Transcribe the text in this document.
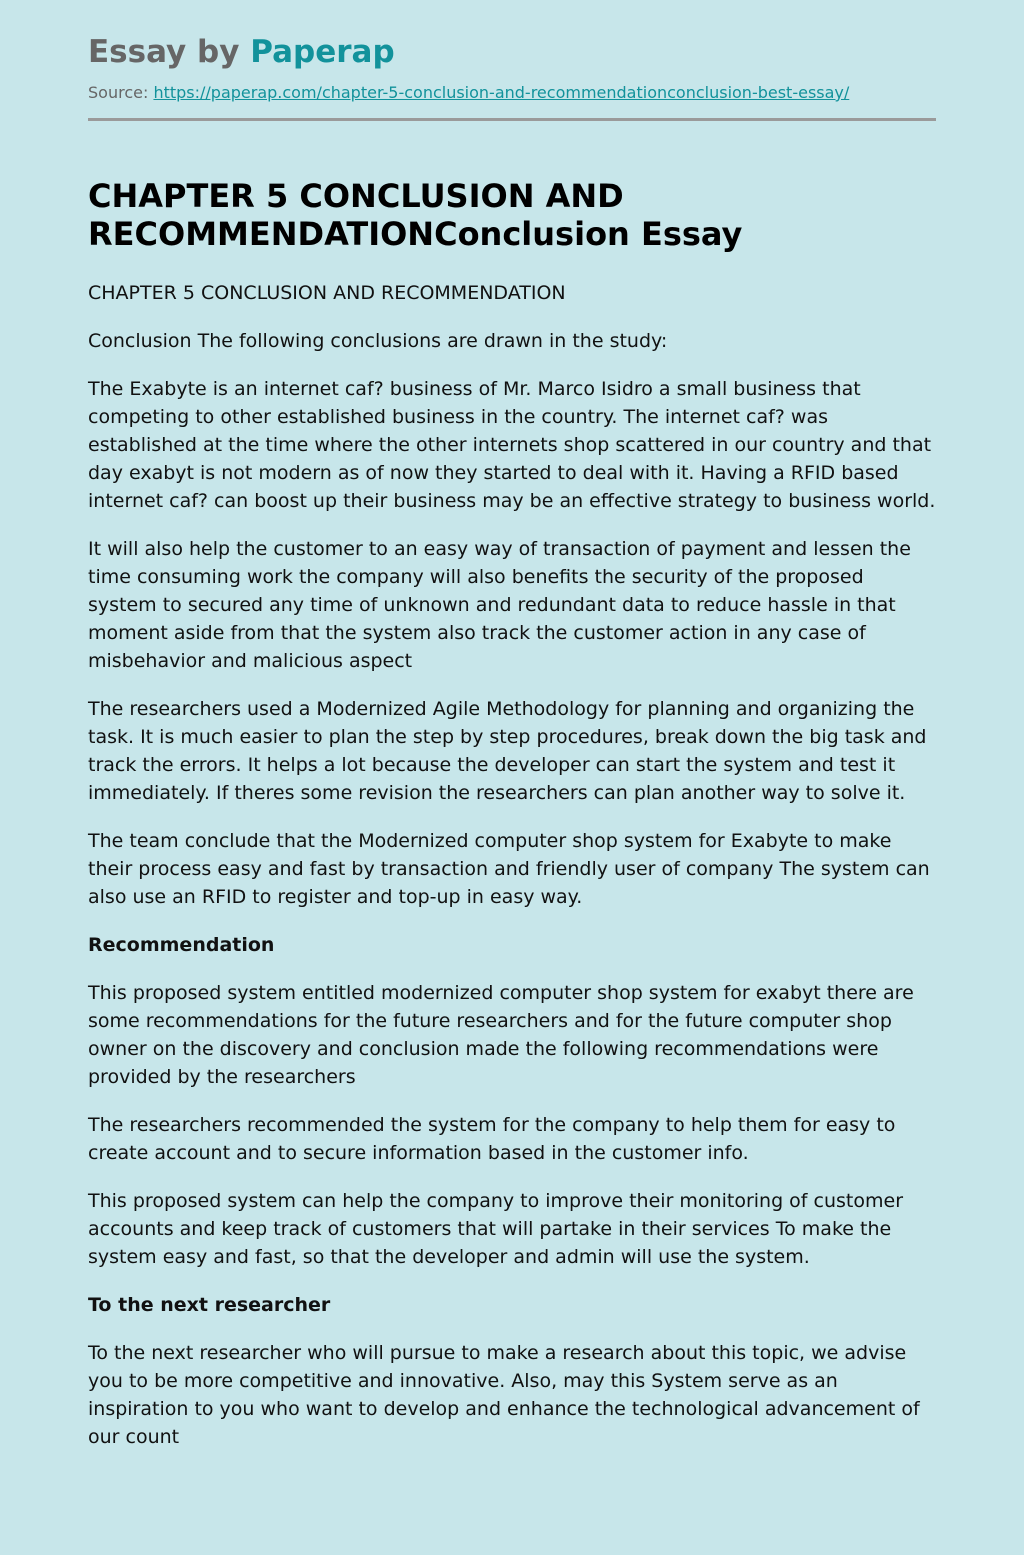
Essay by Paperap
Source: https://paperap.com/chapter-5-conclusion-and-recommendationconclusion-best-essay/
CHAPTER 5 CONCLUSION AND RECOMMENDATIONConclusion Essay

CHAPTER 5 CONCLUSION AND RECOMMENDATION

Conclusion The following conclusions are drawn in the study:

The Exabyte is an internet caf? business of Mr. Marco Isidro a small business that competing to other established business in the country. The internet caf? was established at the time where the other internets shop scattered in our country and that day exabyt is not modern as of now they started to deal with it. Having a RFID based internet caf? can boost up their business may be an effective strategy to business world.

It will also help the customer to an easy way of transaction of payment and lessen the time consuming work the company will also benefits the security of the proposed system to secured any time of unknown and redundant data to reduce hassle in that moment aside from that the system also track the customer action in any case of misbehavior and malicious aspect

The researchers used a Modernized Agile Methodology for planning and organizing the task. It is much easier to plan the step by step procedures, break down the big task and track the errors. It helps a lot because the developer can start the system and test it immediately. If theres some revision the researchers can plan another way to solve it.

The team conclude that the Modernized computer shop system for Exabyte to make their process easy and fast by transaction and friendly user of company The system can also use an RFID to register and top-up in easy way.

Recommendation

This proposed system entitled modernized computer shop system for exabyt there are some recommendations for the future researchers and for the future computer shop owner on the discovery and conclusion made the following recommendations were provided by the researchers

The researchers recommended the system for the company to help them for easy to create account and to secure information based in the customer info.

This proposed system can help the company to improve their monitoring of customer accounts and keep track of customers that will partake in their services To make the system easy and fast, so that the developer and admin will use the system.

To the next researcher

To the next researcher who will pursue to make a research about this topic, we advise you to be more competitive and innovative. Also, may this System serve as an inspiration to you who want to develop and enhance the technological advancement of our count
